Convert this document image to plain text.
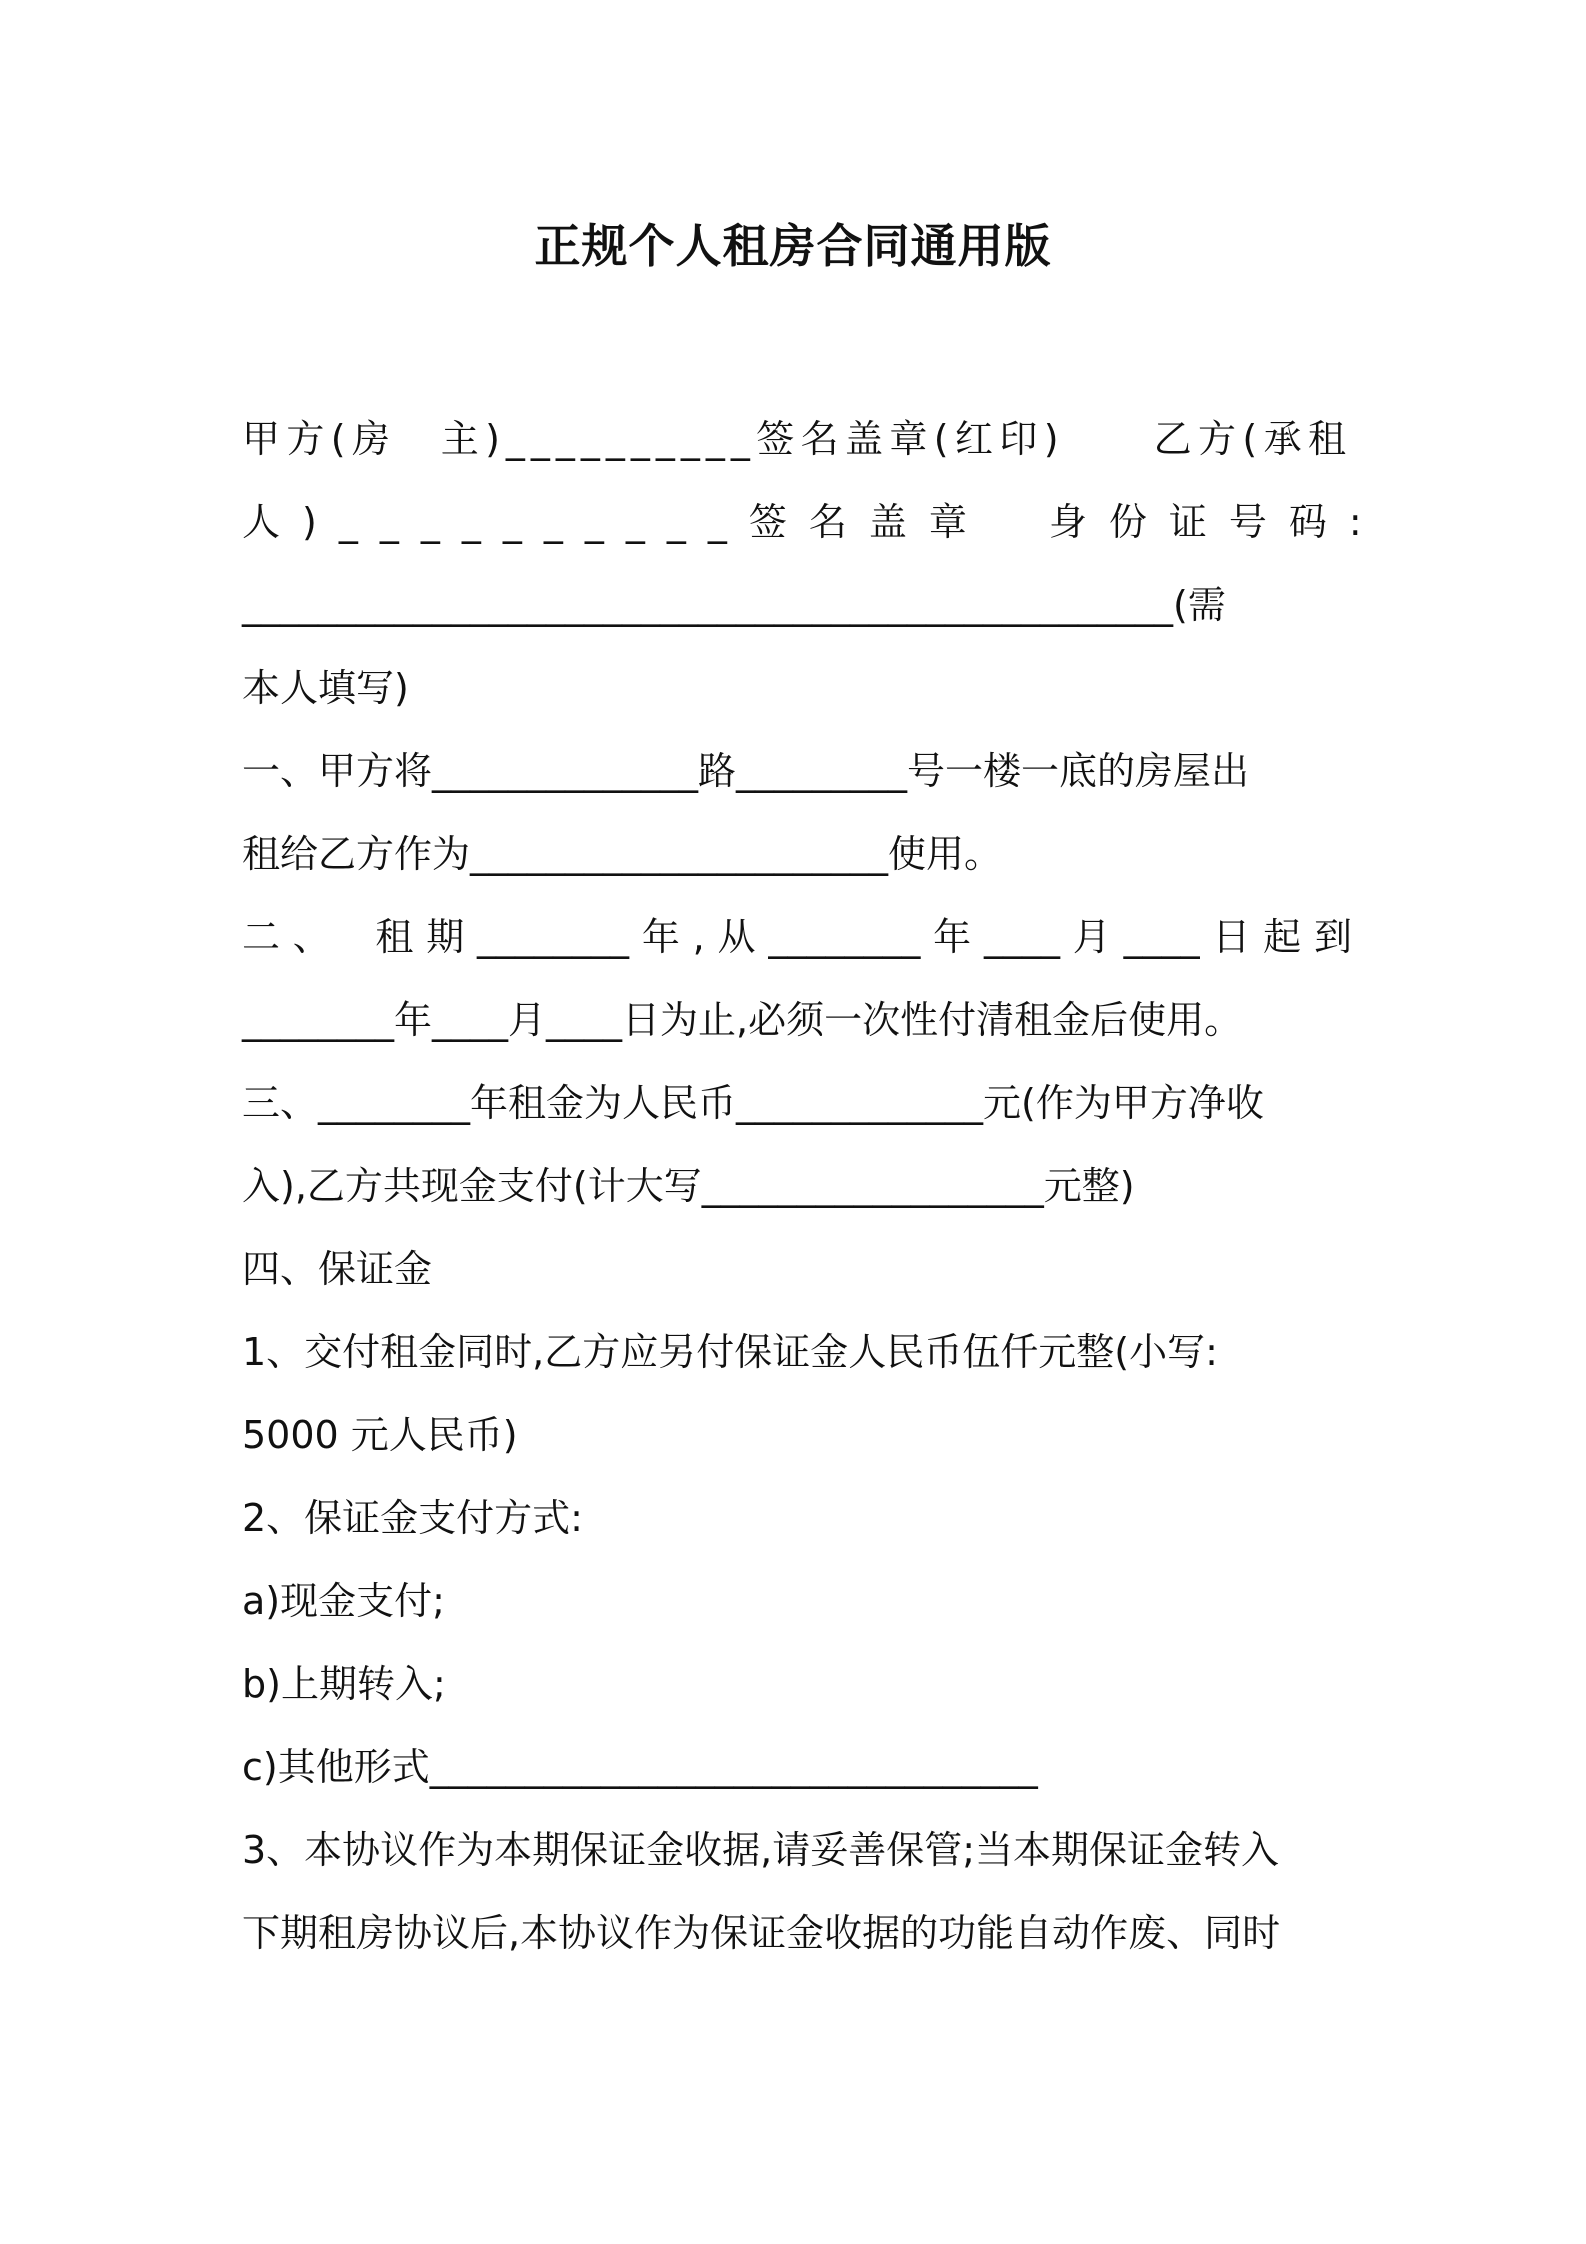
正规个人租房合同通用版
甲方(房　主)__________签名盖章(红印)　　乙方(承租
人)__________签名盖章　身份证号码:
_________________________________________________(需
本人填写)
一、甲方将______________路_________号一楼一底的房屋出
租给乙方作为______________________使用。
二、　租期________年,从________年____月____日起到
________年____月____日为止,必须一次性付清租金后使用。
三、________年租金为人民币_____________元(作为甲方净收
入),乙方共现金支付(计大写__________________元整)
四、保证金
1、交付租金同时,乙方应另付保证金人民币伍仟元整(小写:
5000 元人民币)
2、保证金支付方式:
a)现金支付;
b)上期转入;
c)其他形式________________________________
3、本协议作为本期保证金收据,请妥善保管;当本期保证金转入
下期租房协议后,本协议作为保证金收据的功能自动作废、同时
